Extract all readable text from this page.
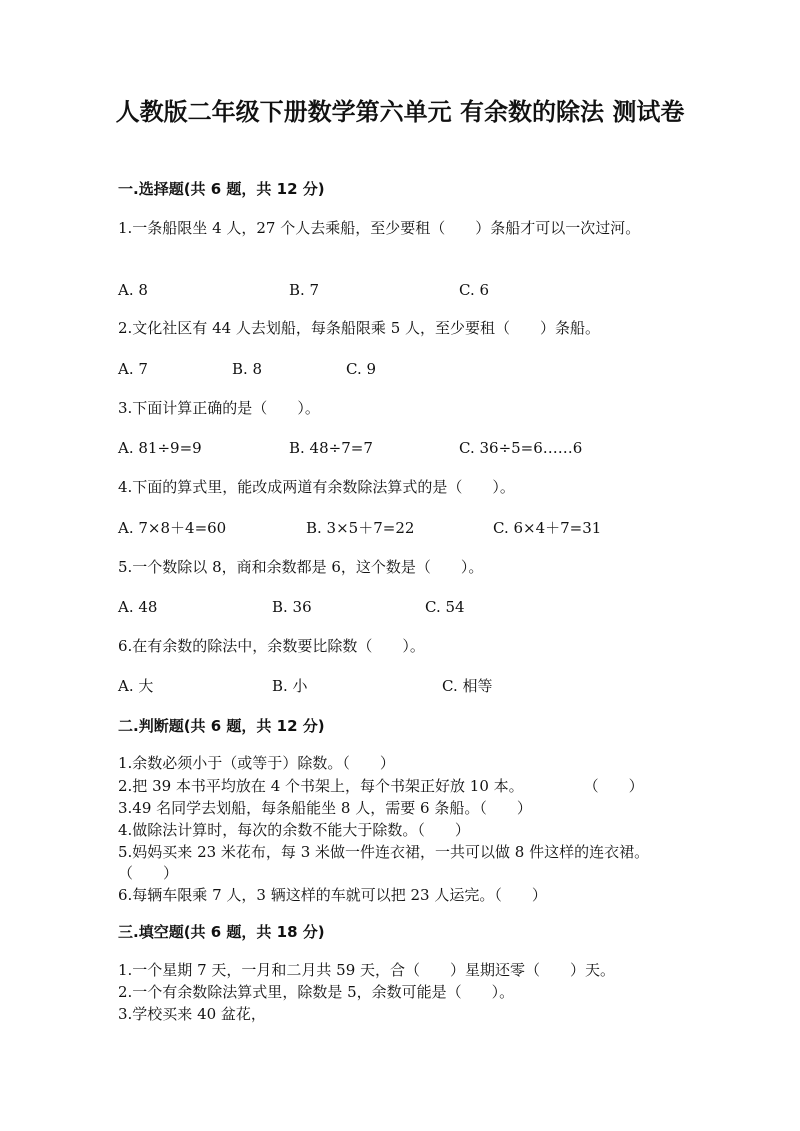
人教版二年级下册数学第六单元 有余数的除法 测试卷
一.选择题(共 6 题，共 12 分)
1.一条船限坐 4 人，27 个人去乘船，至少要租（　　）条船才可以一次过河。
A. 8	B. 7	C. 6
2.文化社区有 44 人去划船，每条船限乘 5 人，至少要租（　　）条船。
A. 7	B. 8	C. 9
3.下面计算正确的是（　　）。
A. 81÷9=9	B. 48÷7=7	C. 36÷5=6……6
4.下面的算式里，能改成两道有余数除法算式的是（　　）。
A. 7×8＋4=60	B. 3×5＋7=22	C. 6×4＋7=31
5.一个数除以 8，商和余数都是 6，这个数是（　　）。
A. 48	B. 36	C. 54
6.在有余数的除法中，余数要比除数（　　）。
A. 大	B. 小	C. 相等
二.判断题(共 6 题，共 12 分)
1.余数必须小于（或等于）除数。（　　）
2.把 39 本书平均放在 4 个书架上，每个书架正好放 10 本。　　　　　（　　）
3.49 名同学去划船，每条船能坐 8 人，需要 6 条船。（　　）
4.做除法计算时，每次的余数不能大于除数。（　　）
5.妈妈买来 23 米花布，每 3 米做一件连衣裙，一共可以做 8 件这样的连衣裙。
（　　）
6.每辆车限乘 7 人，3 辆这样的车就可以把 23 人运完。（　　）
三.填空题(共 6 题，共 18 分)
1.一个星期 7 天，一月和二月共 59 天，合（　　）星期还零（　　）天。
2.一个有余数除法算式里，除数是 5，余数可能是（　　）。
3.学校买来 40 盆花，
